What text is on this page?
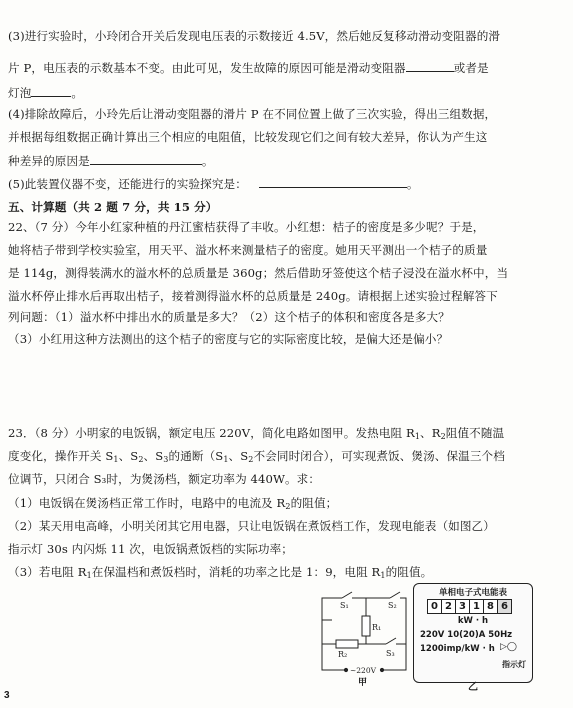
(3)进行实验时，小玲闭合开关后发现电压表的示数接近 4.5V，然后她反复移动滑动变阻器的滑
片 P，电压表的示数基本不变。由此可见，发生故障的原因可能是滑动变阻器	或者是
灯泡	。
(4)排除故障后，小玲先后让滑动变阻器的滑片 P 在不同位置上做了三次实验，得出三组数据，
并根据每组数据正确计算出三个相应的电阻值，比较发现它们之间有较大差异，你认为产生这
种差异的原因是	。
(5)此装置仪器不变，还能进行的实验探究是：	。
五、计算题（共 2 题 7 分，共 15 分）
22、（7 分）今年小红家种植的丹江蜜桔获得了丰收。小红想：桔子的密度是多少呢？于是，
她将桔子带到学校实验室，用天平、溢水杯来测量桔子的密度。她用天平测出一个桔子的质量
是 114g，测得装满水的溢水杯的总质量是 360g；然后借助牙签使这个桔子浸没在溢水杯中，当
溢水杯停止排水后再取出桔子，接着测得溢水杯的总质量是 240g。请根据上述实验过程解答下
列问题：（1）溢水杯中排出水的质量是多大？（2）这个桔子的体积和密度各是多大？
（3）小红用这种方法测出的这个桔子的密度与它的实际密度比较，是偏大还是偏小？
23．（8 分）小明家的电饭锅，额定电压 220V，简化电路如图甲。发热电阻 $R_1$、$R_2$阻值不随温
度变化，操作开关 $S_1$、$S_2$、$S_3$的通断（$S_1$、$S_2$不会同时闭合），可实现煮饭、煲汤、保温三个档
位调节，只闭合 S₃时，为煲汤档，额定功率为 440W。求：
（1）电饭锅在煲汤档正常工作时，电路中的电流及 $R_2$的阻值；
（2）某天用电高峰，小明关闭其它用电器，只让电饭锅在煮饭档工作，发现电能表（如图乙）
指示灯 30s 内闪烁 11 次，电饭锅煮饭档的实际功率；
（3）若电阻 $R_1$在保温档和煮饭档时，消耗的功率之比是 1：9，电阻 $R_1$的阻值。
S₁	S₂
R₁
R₂	S₃
~220V
甲
单相电子式电能表
0 2 3 1 8 6
kW · h
220V 10(20)A 50Hz
1200imp/kW · h ▷◯
指示灯
乙
3
